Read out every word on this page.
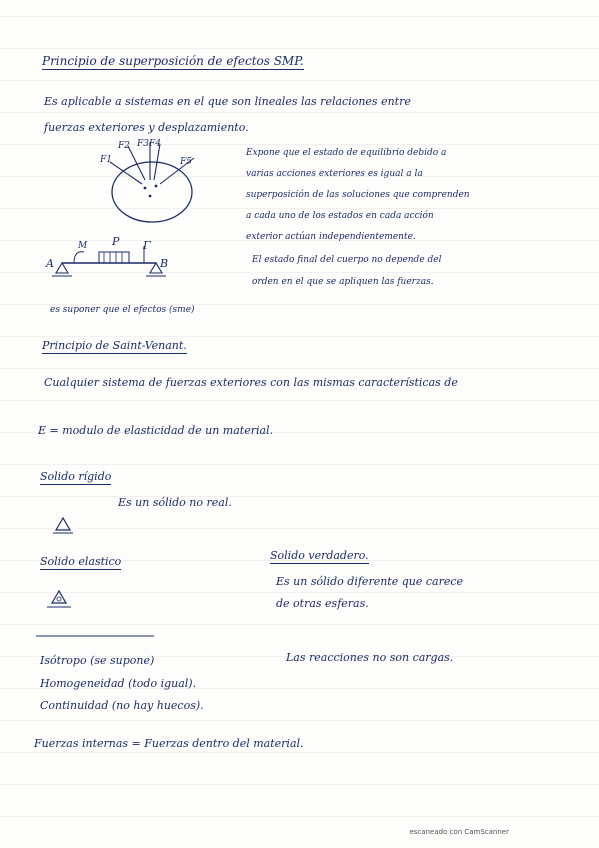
Principio de superposición de efectos SMP.
Es aplicable a sistemas en el que son lineales las relaciones entre
fuerzas exteriores y desplazamiento.
F1
F2 F3 F4
F5
A	B
M P Γ
Expone que el estado de equilibrio debido a
varias acciones exteriores es igual a la
superposición de las soluciones que comprenden
a cada uno de los estados en cada acción
exterior actúan independientemente.
El estado final del cuerpo no depende del
orden en el que se apliquen las fuerzas.
es suponer que el efectos (sme)
Principio de Saint-Venant.
Cualquier sistema de fuerzas exteriores con las mismas características de
E = modulo de elasticidad de un material.
Solido rígido
Es un sólido no real.
Solido elastico	Solido verdadero.
Es un sólido diferente que carece
de otras esferas.
Isótropo (se supone)
Homogeneidad (todo igual).
Continuidad (no hay huecos).
Las reacciones no son cargas.
Fuerzas internas = Fuerzas dentro del material.
escaneado con CamScanner
